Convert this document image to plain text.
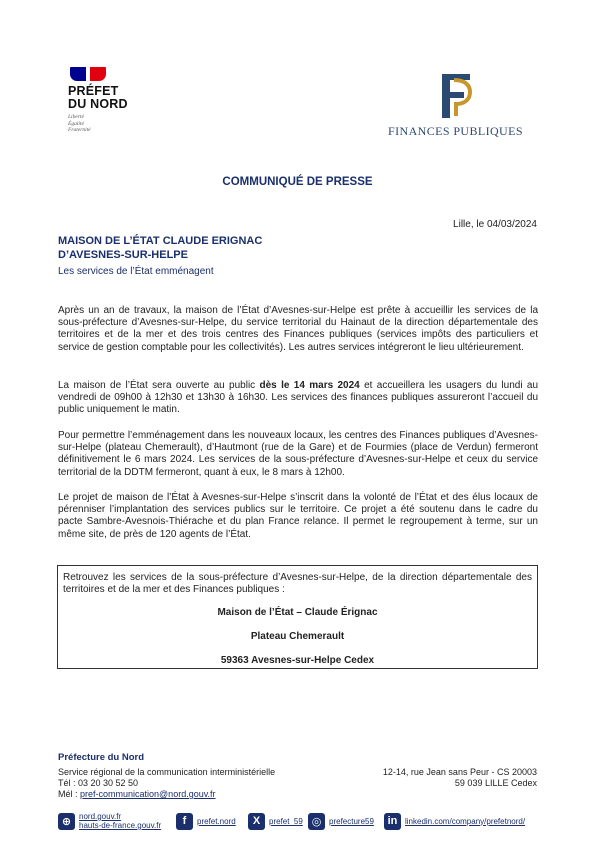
PRÉFET
DU NORD
Liberté
Égalité
Fraternité	FINANCES PUBLIQUES
COMMUNIQUÉ DE PRESSE
Lille, le 04/03/2024
MAISON DE L’ÉTAT CLAUDE ERIGNAC
D’AVESNES-SUR-HELPE
Les services de l’État emménagent
Après un an de travaux, la maison de l’État d’Avesnes-sur-Helpe est prête à accueillir les services de la sous-préfecture d’Avesnes-sur-Helpe, du service territorial du Hainaut de la direction départementale des territoires et de la mer et des trois centres des Finances publiques (services impôts des particuliers et service de gestion comptable pour les collectivités). Les autres services intégreront le lieu ultérieurement.
La maison de l’État sera ouverte au public dès le 14 mars 2024 et accueillera les usagers du lundi au vendredi de 09h00 à 12h30 et 13h30 à 16h30. Les services des finances publiques assureront l’accueil du public uniquement le matin.
Pour permettre l’emménagement dans les nouveaux locaux, les centres des Finances publiques d’Avesnes-sur-Helpe (plateau Chemerault), d’Hautmont (rue de la Gare) et de Fourmies (place de Verdun) fermeront définitivement le 6 mars 2024. Les services de la sous-préfecture d’Avesnes-sur-Helpe et ceux du service territorial de la DDTM fermeront, quant à eux, le 8 mars à 12h00.
Le projet de maison de l’État à Avesnes-sur-Helpe s’inscrit dans la volonté de l’État et des élus locaux de pérenniser l’implantation des services publics sur le territoire. Ce projet a été soutenu dans le cadre du pacte Sambre-Avesnois-Thiérache et du plan France relance. Il permet le regroupement à terme, sur un même site, de près de 120 agents de l’État.
Retrouvez les services de la sous-préfecture d’Avesnes-sur-Helpe, de la direction départementale des territoires et de la mer et des Finances publiques :
Maison de l’État – Claude Érignac
Plateau Chemerault
59363 Avesnes-sur-Helpe Cedex
Préfecture du Nord
Service régional de la communication interministérielle
Tél : 03 20 30 52 50
Mél : pref-communication@nord.gouv.fr
12-14, rue Jean sans Peur - CS 20003
59 039 LILLE Cedex
⊕ nord.gouv.fr
hauts-de-france.gouv.fr	f	prefet.nord	X	prefet_59 ◎ prefecture59	in linkedin.com/company/prefetnord/
